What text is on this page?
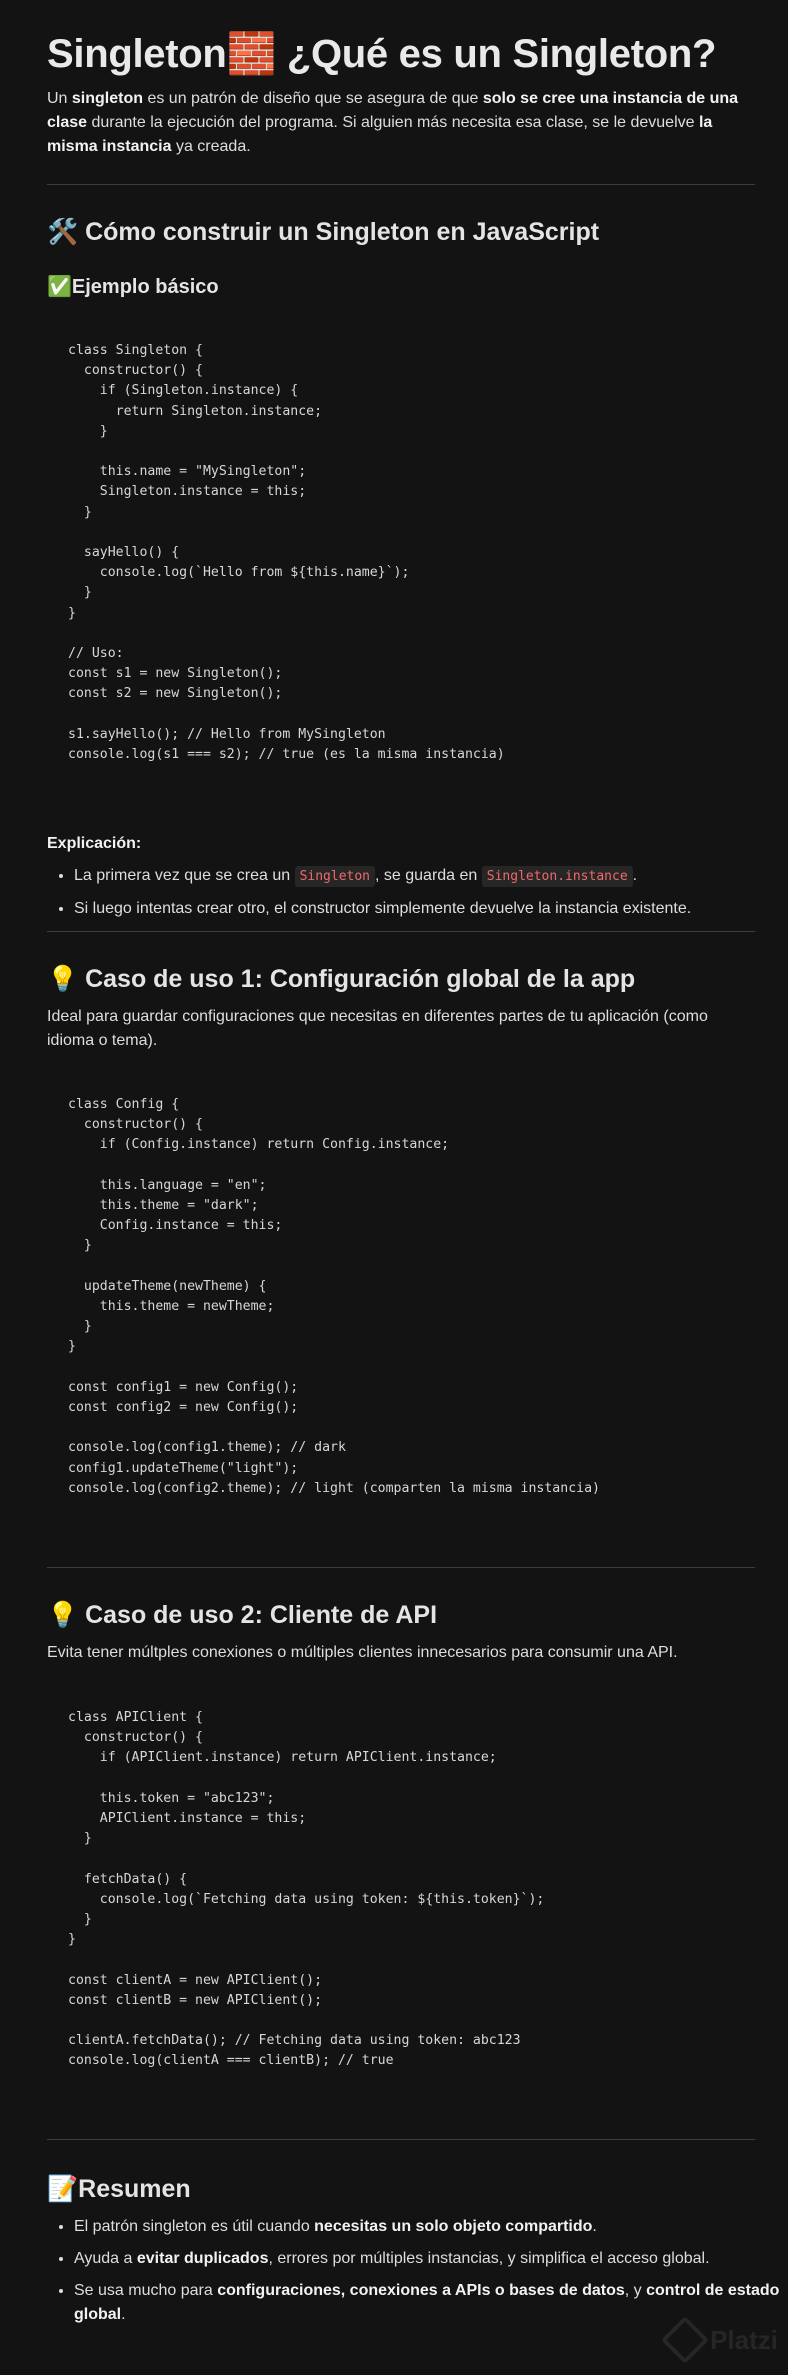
Singleton🧱 ¿Qué es un Singleton?

Un singleton es un patrón de diseño que se asegura de que solo se cree una instancia de una clase durante la ejecución del programa. Si alguien más necesita esa clase, se le devuelve la misma instancia ya creada.

🛠️ Cómo construir un Singleton en JavaScript
✅Ejemplo básico
class Singleton {
constructor() {
if (Singleton.instance) {
return Singleton.instance;
}

this.name = "MySingleton";
Singleton.instance = this;
}

sayHello() {
console.log(`Hello from ${this.name}`);
}
}

// Uso:
const s1 = new Singleton();
const s2 = new Singleton();

s1.sayHello(); // Hello from MySingleton
console.log(s1 === s2); // true (es la misma instancia)

Explicación:

• La primera vez que se crea un Singleton , se guarda en Singleton.instance .
• Si luego intentas crear otro, el constructor simplemente devuelve la instancia existente.
💡 Caso de uso 1: Configuración global de la app

Ideal para guardar configuraciones que necesitas en diferentes partes de tu aplicación (como idioma o tema).

class Config {
constructor() {
if (Config.instance) return Config.instance;

this.language = "en";
this.theme = "dark";
Config.instance = this;
}

updateTheme(newTheme) {
this.theme = newTheme;
}
}

const config1 = new Config();
const config2 = new Config();

console.log(config1.theme); // dark
config1.updateTheme("light");
console.log(config2.theme); // light (comparten la misma instancia)
💡 Caso de uso 2: Cliente de API

Evita tener múltples conexiones o múltiples clientes innecesarios para consumir una API.

class APIClient {
constructor() {
if (APIClient.instance) return APIClient.instance;

this.token = "abc123";
APIClient.instance = this;
}

fetchData() {
console.log(`Fetching data using token: ${this.token}`);
}
}

const clientA = new APIClient();
const clientB = new APIClient();

clientA.fetchData(); // Fetching data using token: abc123
console.log(clientA === clientB); // true
📝Resumen
• El patrón singleton es útil cuando necesitas un solo objeto compartido.
• Ayuda a evitar duplicados, errores por múltiples instancias, y simplifica el acceso global.
• Se usa mucho para configuraciones, conexiones a APIs o bases de datos, y control de estado global.
Platzi
